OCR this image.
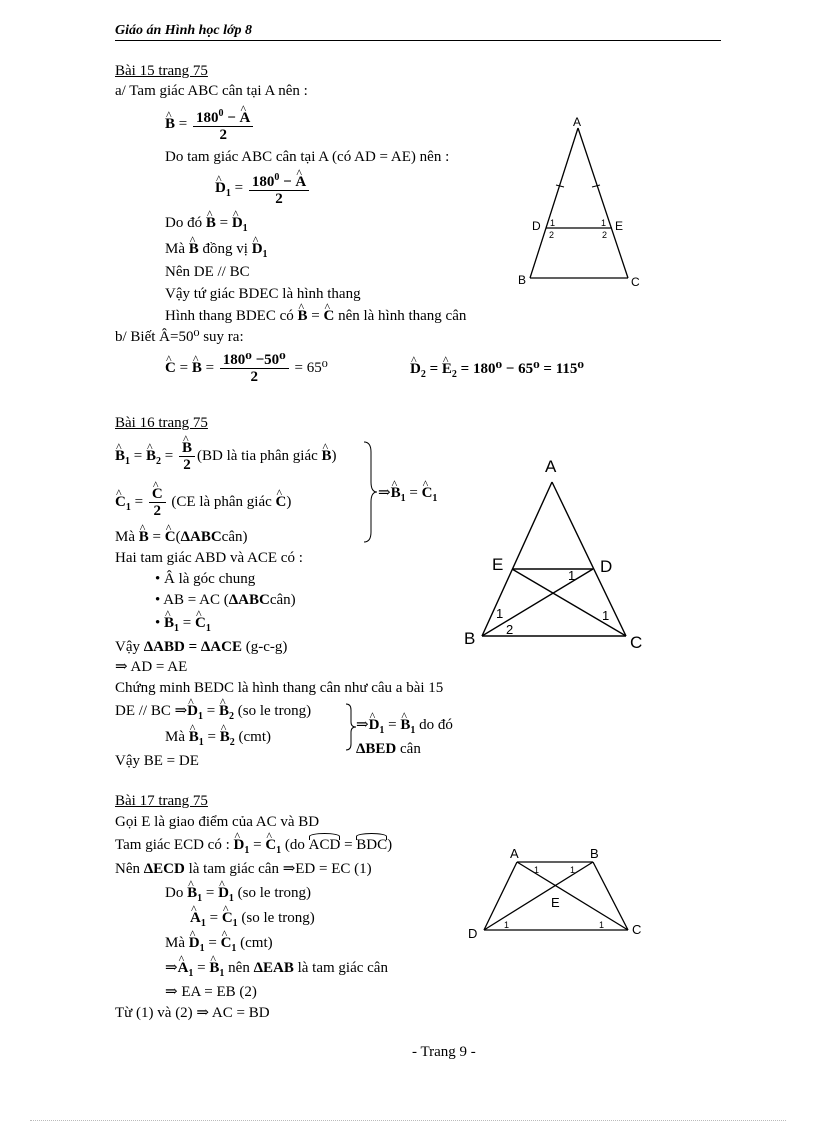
Giáo án Hình học lớp 8
Bài 15 trang 75
a/ Tam giác ABC cân tại A nên :
^ $B = \frac{180^0 - \^{} A}{2}$
Do tam giác ABC cân tại A (có AD = AE) nên :
^ $D_1 = \frac{180^0 - \^{} A}{2}$
Do đó ^ B = ^ $D_1$
Mà ^ B đồng vị ^ $D_1$
Nên DE // BC
Vậy tứ giác BDEC là hình thang
Hình thang BDEC có ^ B = ^ C nên là hình thang cân
b/ Biết Â=50⁰ suy ra:
^ C = ^ $B = \frac{\text{180⁰ −50⁰}}{2} = 65^0$	^ $D_2$ = ^ $E_2 = 180^0 - 65^0 = 115^0$
A
D	E
B	C
1
2
1
2
Bài 16 trang 75
^ $B_1$ = ^ $B_2$ = ^ $\frac{B}{2} (BD$ là tia phân giác ^ B)
^ $C_1$ = ^ $\frac{C}{2} (CE$ là phân giác ^ C)
⇒^ $B_1$ = ^ $C_1$
Mà ^ B = ^ C(ΔABCcân)
Hai tam giác ABD và ACE có :
• Â là góc chung
• AB = AC (ΔABCcân)
• ^ $B_1$ = ^ $C_1$
Vậy ΔABD = ΔACE (g-c-g)
⇒ AD = AE
Chứng minh BEDC là hình thang cân như câu a bài 15
DE // BC ⇒^ $D_1$ = ^ $B_2$ (so le trong)
Mà ^ $B_1$ = ^ $B_2$ (cmt)
⇒^ $D_1$ = ^ $B_1$ do đó
ΔBED cân
Vậy BE = DE
A
E	D
B	C
1
1
2
1
Bài 17 trang 75
Gọi E là giao điểm của AC và BD
Tam giác ECD có : ^ $D_1$ = ^ $C_1$ (do ACD = BDC)
Nên ΔECD là tam giác cân ⇒ED = EC (1)
Do ^ $B_1$ = ^ $D_1$ (so le trong)
^ $A_1$ = ^ $C_1$ (so le trong)
Mà ^ $D_1$ = ^ $C_1$ (cmt)
⇒^ $A_1$ = ^ $B_1$ nên ΔEAB là tam giác cân
⇒ EA = EB (2)
Từ (1) và (2) ⇒ AC = BD
A	B
D	C
E
1	1
1	1
- Trang 9 -
